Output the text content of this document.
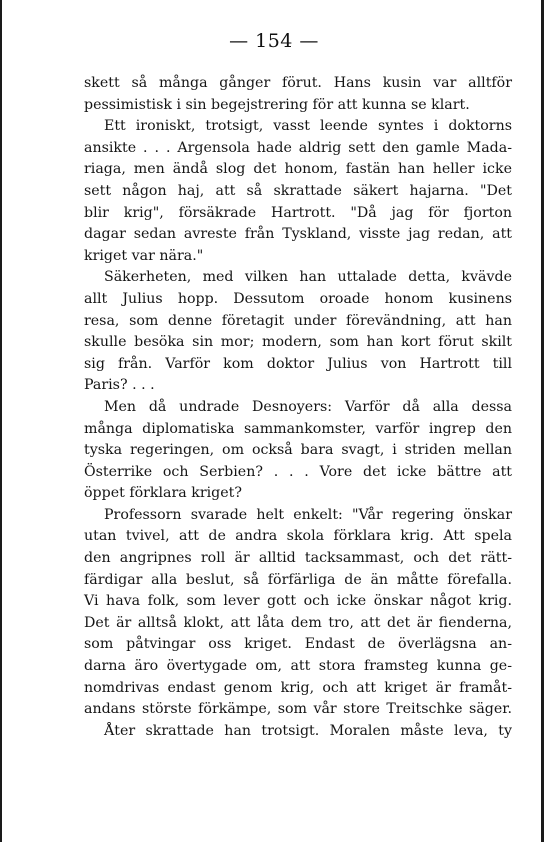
— 154 —
skett så många gånger förut. Hans kusin var alltför
pessimistisk i sin begejstrering för att kunna se klart.
Ett ironiskt, trotsigt, vasst leende syntes i doktorns
ansikte . . . Argensola hade aldrig sett den gamle Mada-
riaga, men ändå slog det honom, fastän han heller icke
sett någon haj, att så skrattade säkert hajarna. "Det
blir krig", försäkrade Hartrott. "Då jag för fjorton
dagar sedan avreste från Tyskland, visste jag redan, att
kriget var nära."
Säkerheten, med vilken han uttalade detta, kvävde
allt Julius hopp. Dessutom oroade honom kusinens
resa, som denne företagit under förevändning, att han
skulle besöka sin mor; modern, som han kort förut skilt
sig från. Varför kom doktor Julius von Hartrott till
Paris? . . .
Men då undrade Desnoyers: Varför då alla dessa
många diplomatiska sammankomster, varför ingrep den
tyska regeringen, om också bara svagt, i striden mellan
Österrike och Serbien? . . . Vore det icke bättre att
öppet förklara kriget?
Professorn svarade helt enkelt: "Vår regering önskar
utan tvivel, att de andra skola förklara krig. Att spela
den angripnes roll är alltid tacksammast, och det rätt-
färdigar alla beslut, så förfärliga de än måtte förefalla.
Vi hava folk, som lever gott och icke önskar något krig.
Det är alltså klokt, att låta dem tro, att det är fienderna,
som påtvingar oss kriget. Endast de överlägsna an-
darna äro övertygade om, att stora framsteg kunna ge-
nomdrivas endast genom krig, och att kriget är framåt-
andans störste förkämpe, som vår store Treitschke säger.
Åter skrattade han trotsigt. Moralen måste leva, ty
